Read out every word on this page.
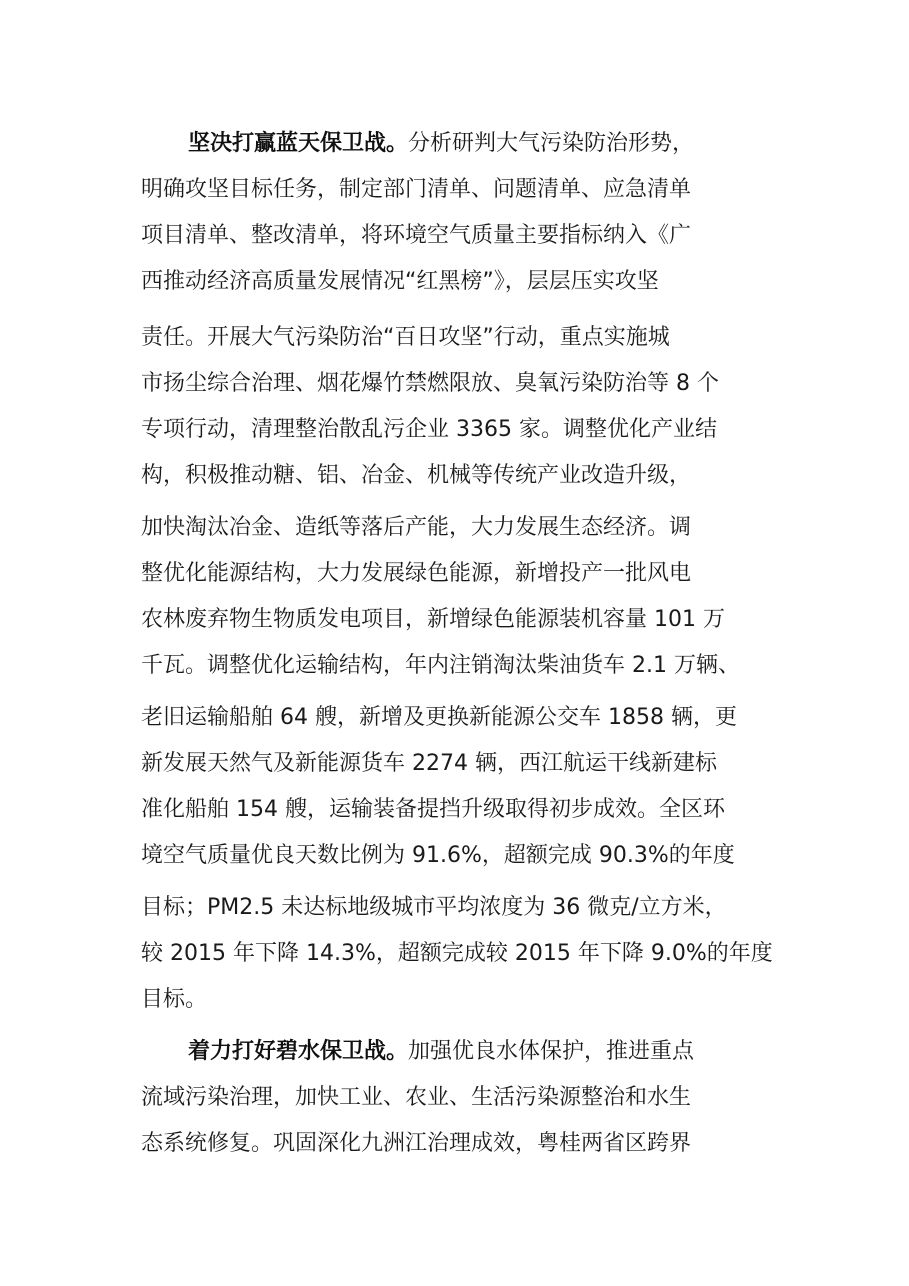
坚决打赢蓝天保卫战。分析研判大气污染防治形势，
明确攻坚目标任务，制定部门清单、问题清单、应急清单
项目清单、整改清单，将环境空气质量主要指标纳入《广
西推动经济高质量发展情况“红黑榜”》，层层压实攻坚
责任。开展大气污染防治“百日攻坚”行动，重点实施城
市扬尘综合治理、烟花爆竹禁燃限放、臭氧污染防治等 8 个
专项行动，清理整治散乱污企业 3365 家。调整优化产业结
构，积极推动糖、铝、冶金、机械等传统产业改造升级，
加快淘汰冶金、造纸等落后产能，大力发展生态经济。调
整优化能源结构，大力发展绿色能源，新增投产一批风电
农林废弃物生物质发电项目，新增绿色能源装机容量 101 万
千瓦。调整优化运输结构，年内注销淘汰柴油货车 2.1 万辆、
老旧运输船舶 64 艘，新增及更换新能源公交车 1858 辆，更
新发展天然气及新能源货车 2274 辆，西江航运干线新建标
准化船舶 154 艘，运输装备提挡升级取得初步成效。全区环
境空气质量优良天数比例为 91.6%，超额完成 90.3%的年度
目标；PM2.5 未达标地级城市平均浓度为 36 微克/立方米，
较 2015 年下降 14.3%，超额完成较 2015 年下降 9.0%的年度
目标。
着力打好碧水保卫战。加强优良水体保护，推进重点
流域污染治理，加快工业、农业、生活污染源整治和水生
态系统修复。巩固深化九洲江治理成效，粤桂两省区跨界
